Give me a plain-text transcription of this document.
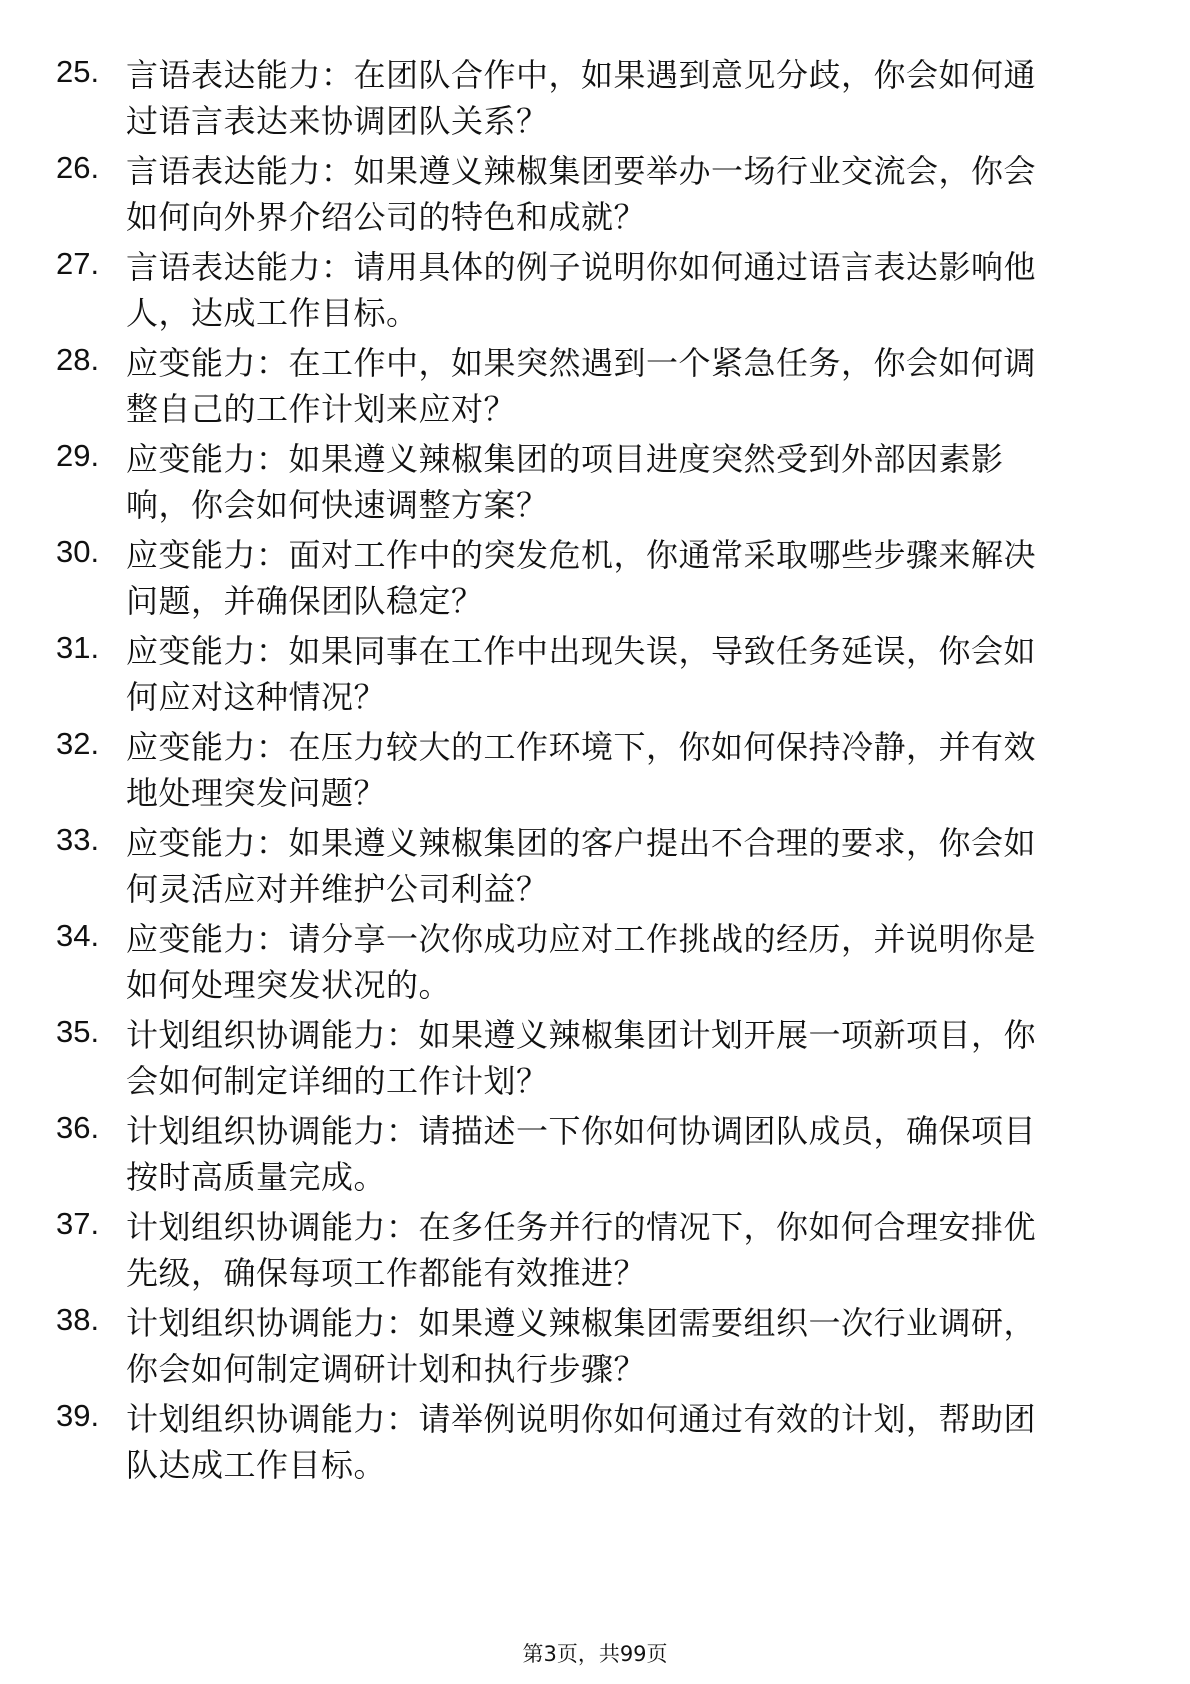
25. 言语表达能力：在团队合作中，如果遇到意见分歧，你会如何通
过语言表达来协调团队关系？
26. 言语表达能力：如果遵义辣椒集团要举办一场行业交流会，你会
如何向外界介绍公司的特色和成就？
27. 言语表达能力：请用具体的例子说明你如何通过语言表达影响他
人，达成工作目标。
28. 应变能力：在工作中，如果突然遇到一个紧急任务，你会如何调
整自己的工作计划来应对？
29. 应变能力：如果遵义辣椒集团的项目进度突然受到外部因素影
响，你会如何快速调整方案？
30. 应变能力：面对工作中的突发危机，你通常采取哪些步骤来解决
问题，并确保团队稳定？
31. 应变能力：如果同事在工作中出现失误，导致任务延误，你会如
何应对这种情况？
32. 应变能力：在压力较大的工作环境下，你如何保持冷静，并有效
地处理突发问题？
33. 应变能力：如果遵义辣椒集团的客户提出不合理的要求，你会如
何灵活应对并维护公司利益？
34. 应变能力：请分享一次你成功应对工作挑战的经历，并说明你是
如何处理突发状况的。
35. 计划组织协调能力：如果遵义辣椒集团计划开展一项新项目，你
会如何制定详细的工作计划？
36. 计划组织协调能力：请描述一下你如何协调团队成员，确保项目
按时高质量完成。
37. 计划组织协调能力：在多任务并行的情况下，你如何合理安排优
先级，确保每项工作都能有效推进？
38. 计划组织协调能力：如果遵义辣椒集团需要组织一次行业调研，
你会如何制定调研计划和执行步骤？
39. 计划组织协调能力：请举例说明你如何通过有效的计划，帮助团
队达成工作目标。
第3页，共99页
